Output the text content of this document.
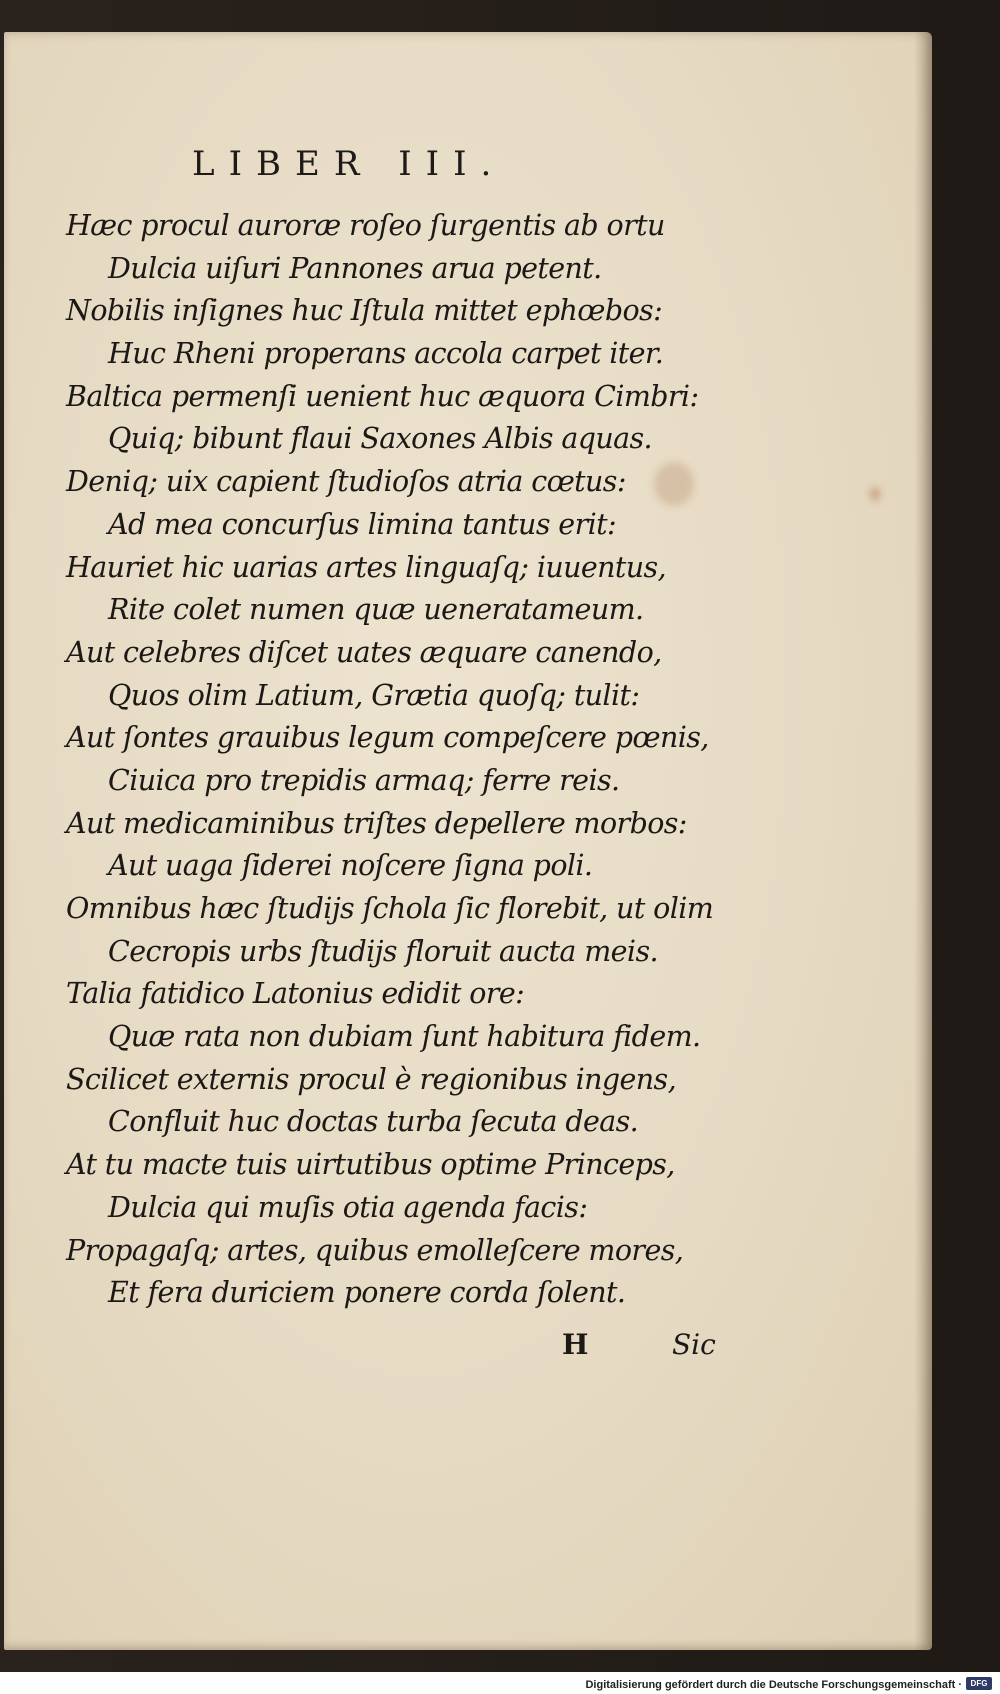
LIBER III.
Hæc procul auroræ roſeo ſurgentis ab ortu
Dulcia uiſuri Pannones arua petent.
Nobilis inſignes huc Iſtula mittet ephœbos:
Huc Rheni properans accola carpet iter.
Baltica permenſi uenient huc æquora Cimbri:
Quiq; bibunt flaui Saxones Albis aquas.
Deniq; uix capient ſtudioſos atria cœtus:
Ad mea concurſus limina tantus erit:
Hauriet hic uarias artes linguaſq; iuuentus,
Rite colet numen quæ ueneratameum.
Aut celebres diſcet uates æquare canendo,
Quos olim Latium, Grætia quoſq; tulit:
Aut ſontes grauibus legum compeſcere pœnis,
Ciuica pro trepidis armaq; ferre reis.
Aut medicaminibus triſtes depellere morbos:
Aut uaga ſiderei noſcere ſigna poli.
Omnibus hæc ſtudijs ſchola ſic florebit, ut olim
Cecropis urbs ſtudijs floruit aucta meis.
Talia fatidico Latonius edidit ore:
Quæ rata non dubiam ſunt habitura fidem.
Scilicet externis procul è regionibus ingens,
Confluit huc doctas turba ſecuta deas.
At tu macte tuis uirtutibus optime Princeps,
Dulcia qui muſis otia agenda facis:
Propagaſq; artes, quibus emolleſcere mores,
Et fera duriciem ponere corda ſolent.
H	Sic
Digitalisierung gefördert durch die Deutsche Forschungsgemeinschaft ·	DFG
